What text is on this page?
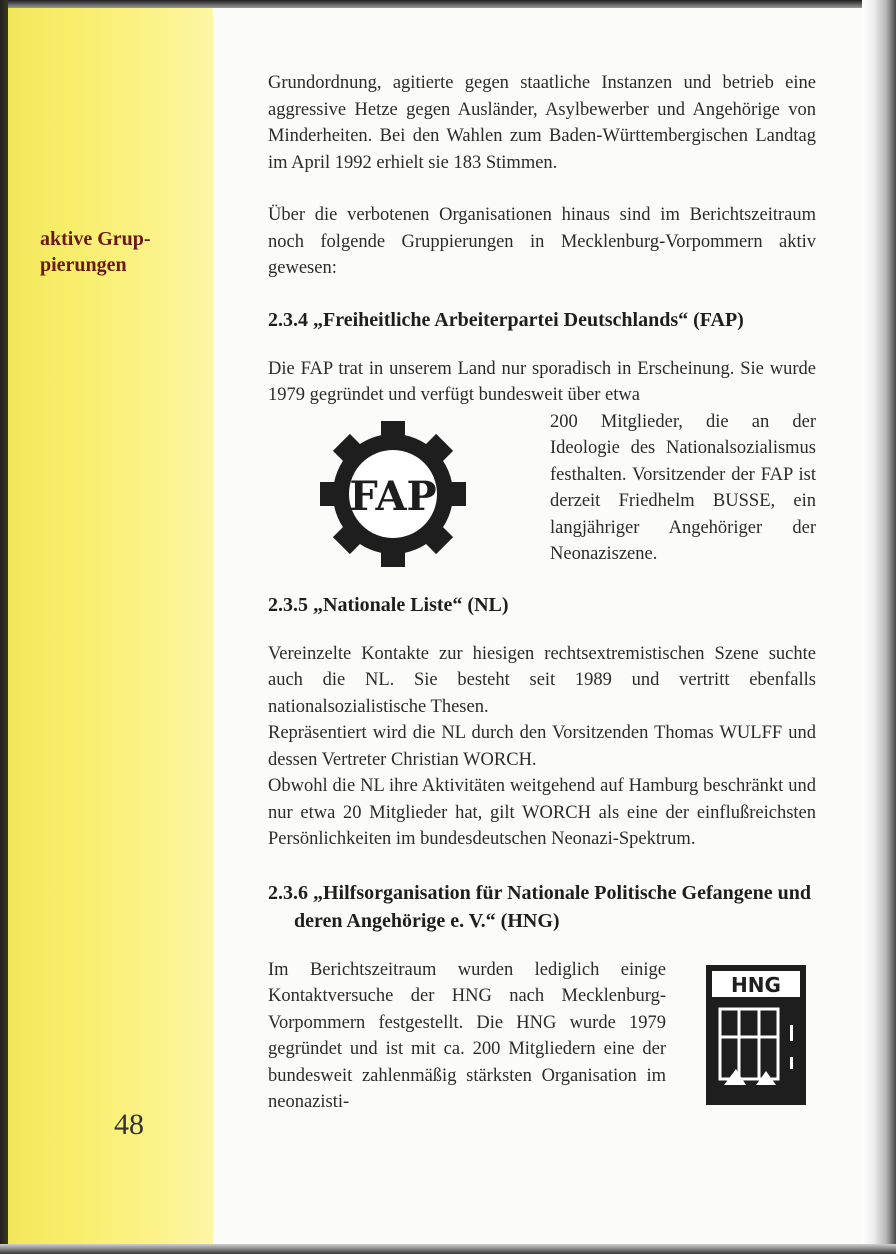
aktive Grup-
pierungen
48

Grundordnung, agitierte gegen staatliche Instanzen und betrieb eine aggressive Hetze gegen Ausländer, Asylbewerber und Angehörige von Minderheiten. Bei den Wahlen zum Baden-Württembergischen Landtag im April 1992 erhielt sie 183 Stimmen.

Über die verbotenen Organisationen hinaus sind im Berichtszeitraum noch folgende Gruppierungen in Mecklenburg-Vorpommern aktiv gewesen:

2.3.4 „Freiheitliche Arbeiterpartei Deutschlands“ (FAP)

Die FAP trat in unserem Land nur sporadisch in Erscheinung. Sie wurde 1979 gegründet und verfügt bundesweit über etwa

FAP

200 Mitglieder, die an der Ideologie des Nationalsozialismus festhalten. Vorsitzender der FAP ist derzeit Friedhelm BUSSE, ein langjähriger Angehöriger der Neonaziszene.

2.3.5 „Nationale Liste“ (NL)

Vereinzelte Kontakte zur hiesigen rechtsextremistischen Szene suchte auch die NL. Sie besteht seit 1989 und vertritt ebenfalls nationalsozialistische Thesen.

Repräsentiert wird die NL durch den Vorsitzenden Thomas WULFF und dessen Vertreter Christian WORCH.

Obwohl die NL ihre Aktivitäten weitgehend auf Hamburg beschränkt und nur etwa 20 Mitglieder hat, gilt WORCH als eine der einflußreichsten Persönlichkeiten im bundesdeutschen Neonazi-Spektrum.

2.3.6 „Hilfsorganisation für Nationale Politische Gefangene und deren Angehörige e. V.“ (HNG)

Im Berichtszeitraum wurden lediglich einige Kontaktversuche der HNG nach Mecklenburg-Vorpommern festgestellt. Die HNG wurde 1979 gegründet und ist mit ca. 200 Mitgliedern eine der bundesweit zahlenmäßig stärksten Organisation im neonazisti-

HNG
